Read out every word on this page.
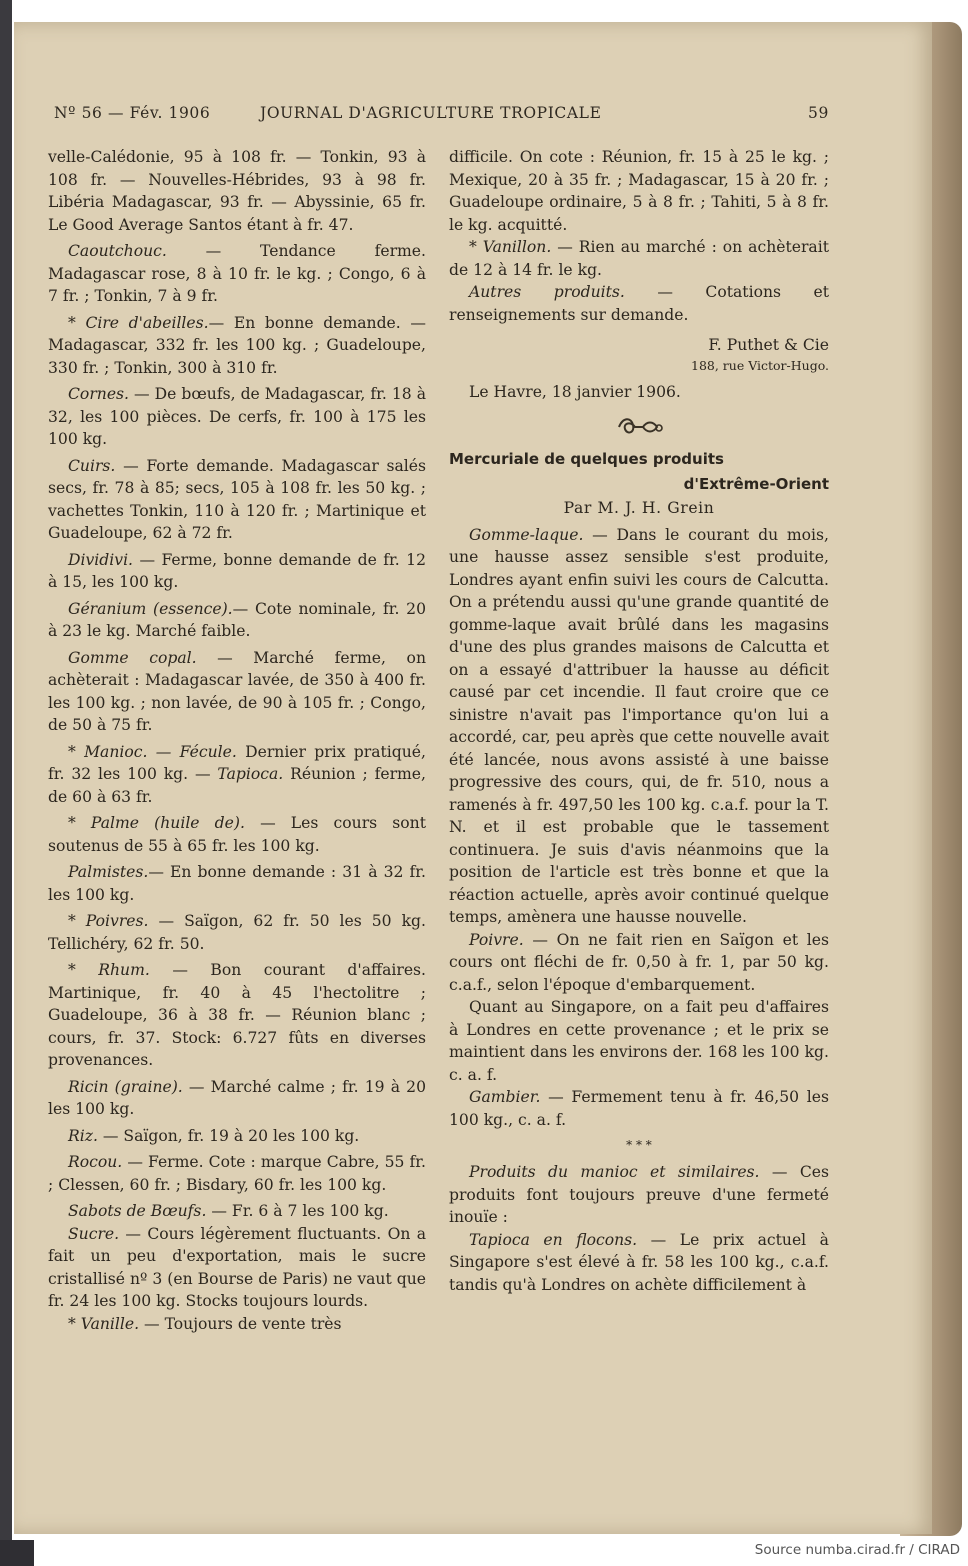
Nº 56 — Fév. 1906	JOURNAL D'AGRICULTURE TROPICALE	59

velle-Calédonie, 95 à 108 fr. — Tonkin, 93 à 108 fr. — Nouvelles-Hébrides, 93 à 98 fr. Libéria Madagascar, 93 fr. — Abyssinie, 65 fr. Le Good Average Santos étant à fr. 47.

Caoutchouc. — Tendance ferme. Madagascar rose, 8 à 10 fr. le kg. ; Congo, 6 à 7 fr. ; Tonkin, 7 à 9 fr.

* Cire d'abeilles.— En bonne demande. — Madagascar, 332 fr. les 100 kg. ; Guadeloupe, 330 fr. ; Tonkin, 300 à 310 fr.

Cornes. — De bœufs, de Madagascar, fr. 18 à 32, les 100 pièces. De cerfs, fr. 100 à 175 les 100 kg.

Cuirs. — Forte demande. Madagascar salés secs, fr. 78 à 85; secs, 105 à 108 fr. les 50 kg. ; vachettes Tonkin, 110 à 120 fr. ; Martinique et Guadeloupe, 62 à 72 fr.

Dividivi. — Ferme, bonne demande de fr. 12 à 15, les 100 kg.

Géranium (essence).— Cote nominale, fr. 20 à 23 le kg. Marché faible.

Gomme copal. — Marché ferme, on achèterait : Madagascar lavée, de 350 à 400 fr. les 100 kg. ; non lavée, de 90 à 105 fr. ; Congo, de 50 à 75 fr.

* Manioc. — Fécule. Dernier prix pratiqué, fr. 32 les 100 kg. — Tapioca. Réunion ; ferme, de 60 à 63 fr.

* Palme (huile de). — Les cours sont soutenus de 55 à 65 fr. les 100 kg.

Palmistes.— En bonne demande : 31 à 32 fr. les 100 kg.

* Poivres. — Saïgon, 62 fr. 50 les 50 kg. Tellichéry, 62 fr. 50.

* Rhum. — Bon courant d'affaires. Martinique, fr. 40 à 45 l'hectolitre ; Guadeloupe, 36 à 38 fr. — Réunion blanc ; cours, fr. 37. Stock: 6.727 fûts en diverses provenances.

Ricin (graine). — Marché calme ; fr. 19 à 20 les 100 kg.

Riz. — Saïgon, fr. 19 à 20 les 100 kg.

Rocou. — Ferme. Cote : marque Cabre, 55 fr. ; Clessen, 60 fr. ; Bisdary, 60 fr. les 100 kg.

Sabots de Bœufs. — Fr. 6 à 7 les 100 kg.

Sucre. — Cours légèrement fluctuants. On a fait un peu d'exportation, mais le sucre cristallisé nº 3 (en Bourse de Paris) ne vaut que fr. 24 les 100 kg. Stocks toujours lourds.

* Vanille. — Toujours de vente très

difficile. On cote : Réunion, fr. 15 à 25 le kg. ; Mexique, 20 à 35 fr. ; Madagascar, 15 à 20 fr. ; Guadeloupe ordinaire, 5 à 8 fr. ; Tahiti, 5 à 8 fr. le kg. acquitté.

* Vanillon. — Rien au marché : on achèterait de 12 à 14 fr. le kg.

Autres produits. — Cotations et renseignements sur demande.

F. Puthet & Cie

188, rue Victor-Hugo.

Le Havre, 18 janvier 1906.

Mercuriale de quelques produits

d'Extrême-Orient

Par M. J. H. Grein

Gomme-laque. — Dans le courant du mois, une hausse assez sensible s'est produite, Londres ayant enfin suivi les cours de Calcutta. On a prétendu aussi qu'une grande quantité de gomme-laque avait brûlé dans les magasins d'une des plus grandes maisons de Calcutta et on a essayé d'attribuer la hausse au déficit causé par cet incendie. Il faut croire que ce sinistre n'avait pas l'importance qu'on lui a accordé, car, peu après que cette nouvelle avait été lancée, nous avons assisté à une baisse progressive des cours, qui, de fr. 510, nous a ramenés à fr. 497,50 les 100 kg. c.a.f. pour la T. N. et il est probable que le tassement continuera. Je suis d'avis néanmoins que la position de l'article est très bonne et que la réaction actuelle, après avoir continué quelque temps, amènera une hausse nouvelle.

Poivre. — On ne fait rien en Saïgon et les cours ont fléchi de fr. 0,50 à fr. 1, par 50 kg. c.a.f., selon l'époque d'embarquement.

Quant au Singapore, on a fait peu d'affaires à Londres en cette provenance ; et le prix se maintient dans les environs der. 168 les 100 kg. c. a. f.

Gambier. — Fermement tenu à fr. 46,50 les 100 kg., c. a. f.

* * *

Produits du manioc et similaires. — Ces produits font toujours preuve d'une fermeté inouïe :

Tapioca en flocons. — Le prix actuel à Singapore s'est élevé à fr. 58 les 100 kg., c.a.f. tandis qu'à Londres on achète difficilement à

Source numba.cirad.fr / CIRAD
